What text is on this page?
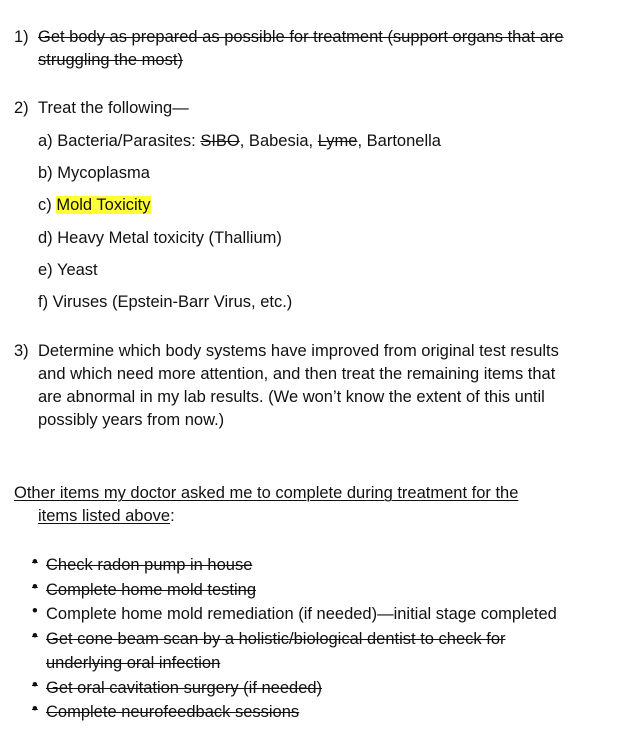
1) Get body as prepared as possible for treatment (support organs that are
struggling the most)
2) Treat the following—
a) Bacteria/Parasites: SIBO, Babesia, Lyme, Bartonella
b) Mycoplasma
c) Mold Toxicity
d) Heavy Metal toxicity (Thallium)
e) Yeast
f) Viruses (Epstein-Barr Virus, etc.)
3) Determine which body systems have improved from original test results
and which need more attention, and then treat the remaining items that
are abnormal in my lab results. (We won’t know the extent of this until
possibly years from now.)
Other items my doctor asked me to complete during treatment for the
items listed above:
• Check radon pump in house
• Complete home mold testing
• Complete home mold remediation (if needed)—initial stage completed
• Get cone beam scan by a holistic/biological dentist to check for
underlying oral infection
• Get oral cavitation surgery (if needed)
• Complete neurofeedback sessions
